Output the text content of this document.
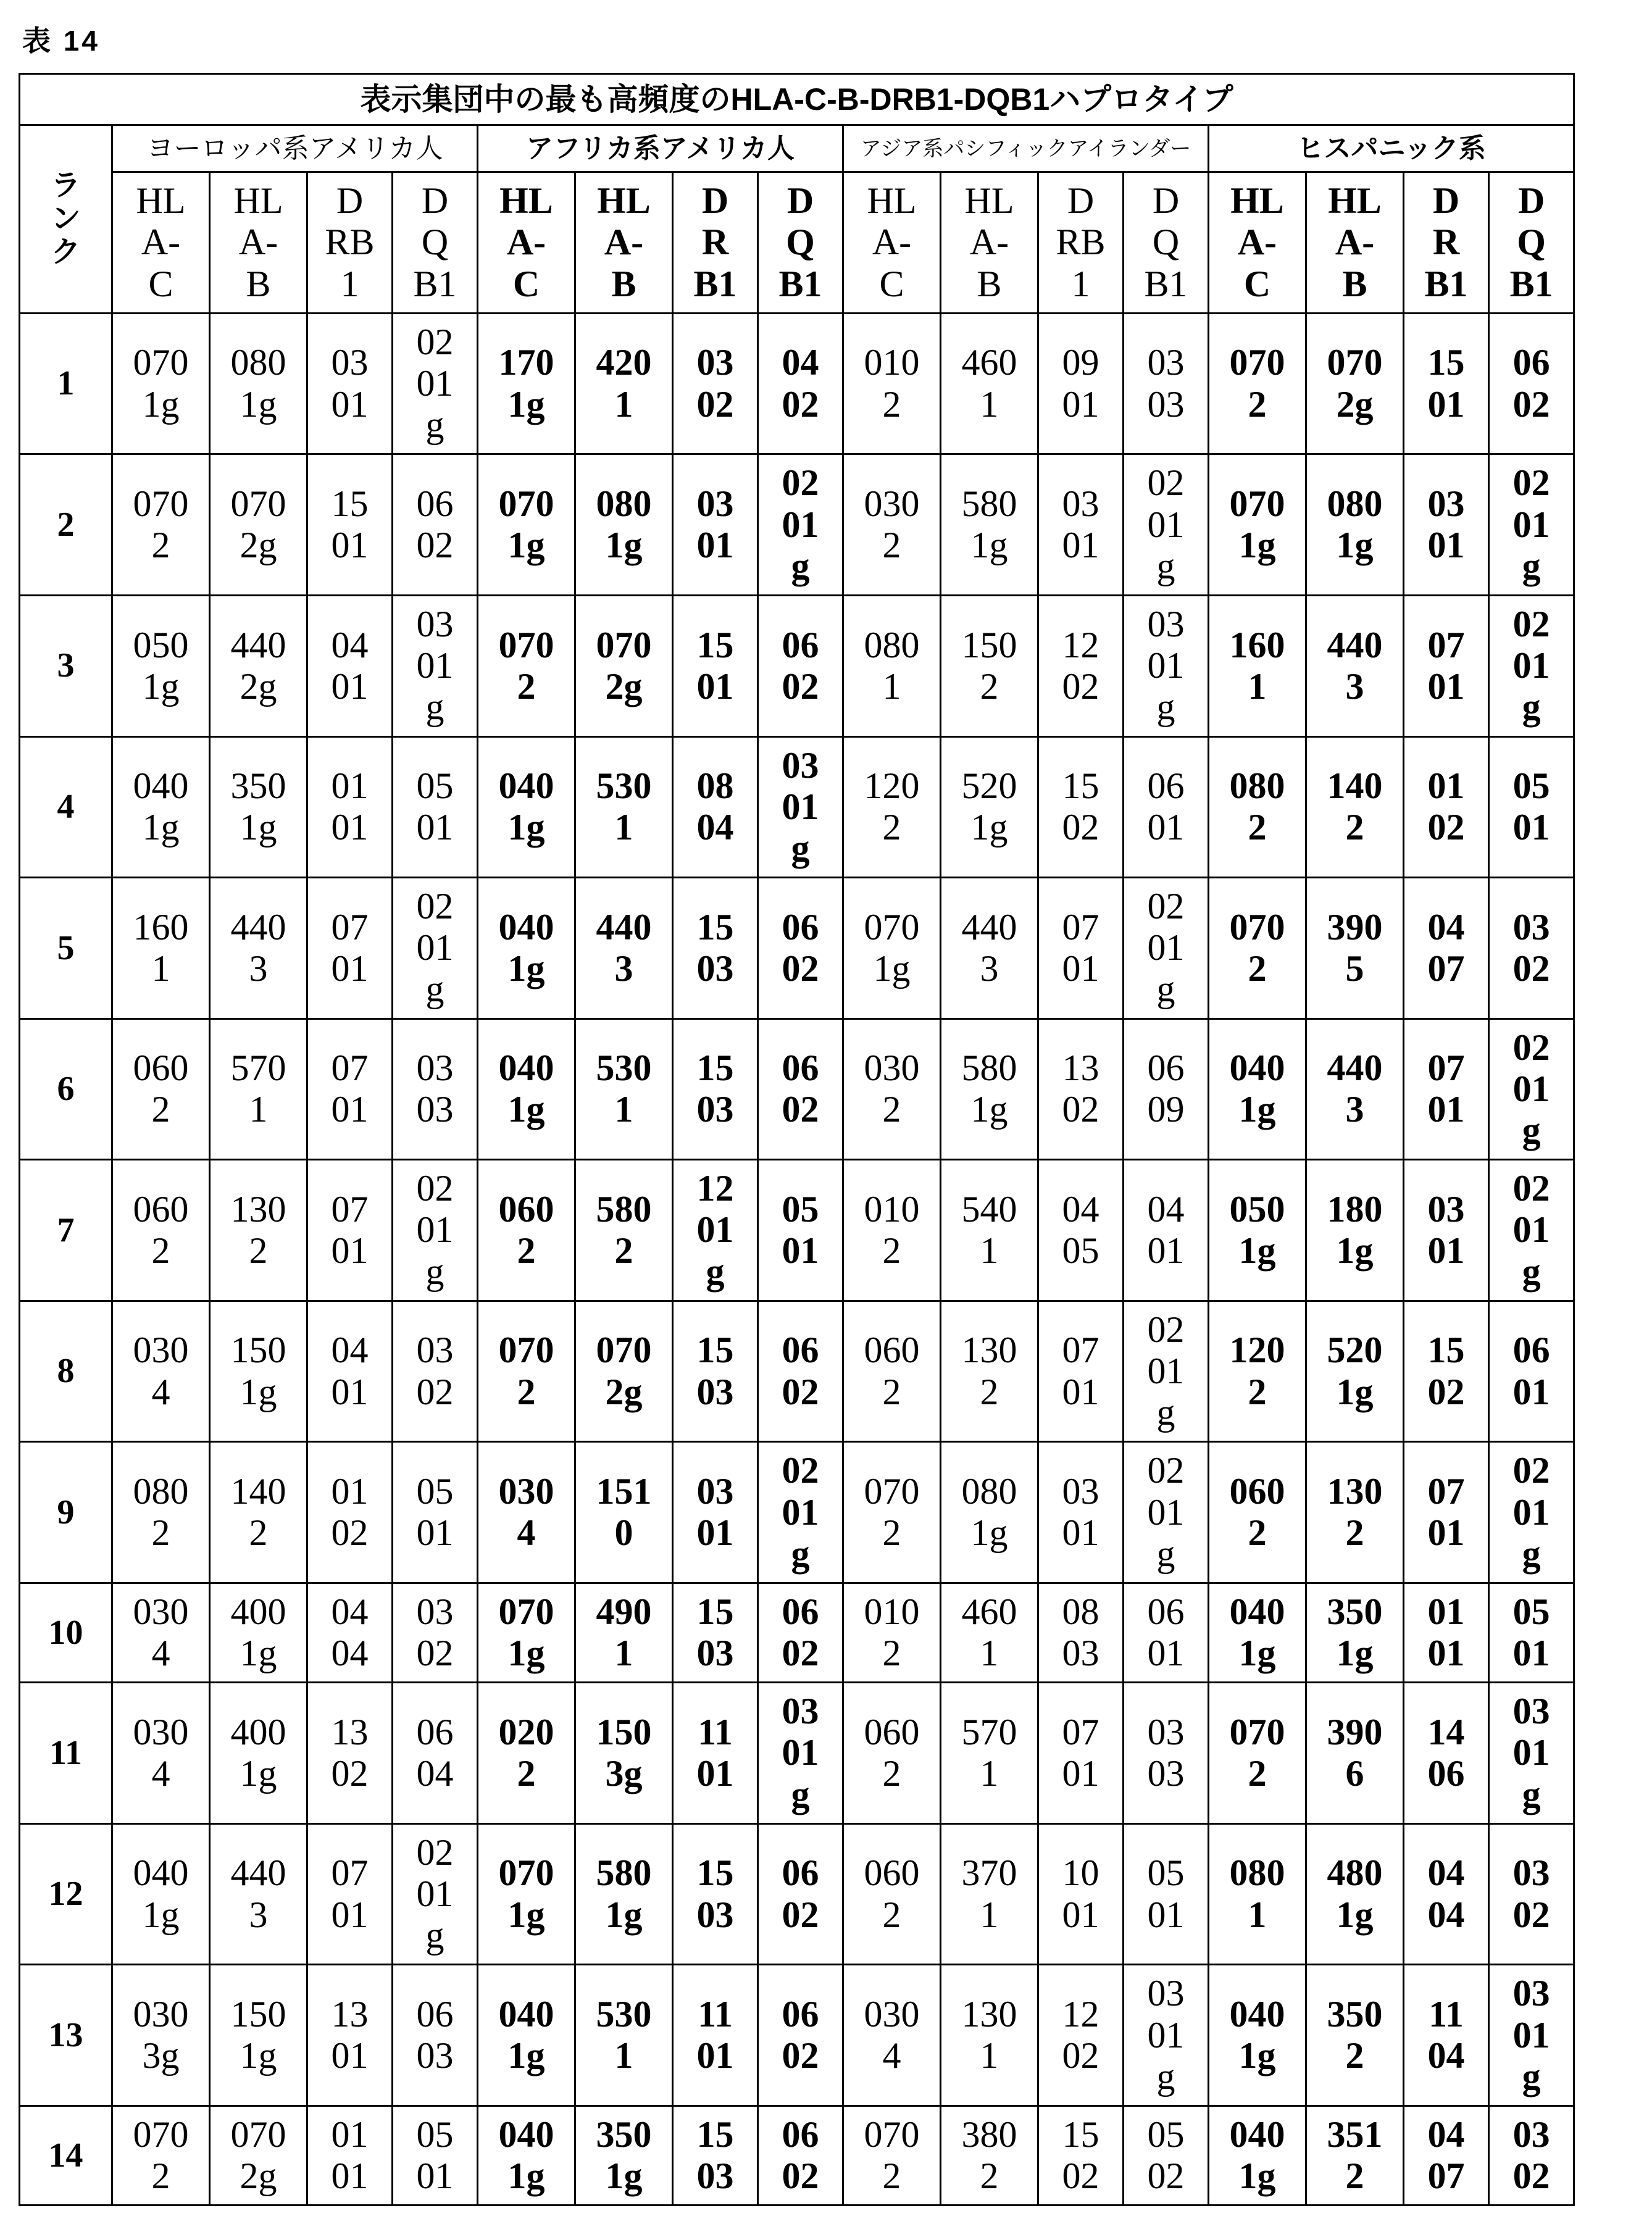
表 14
表示集団中の最も高頻度のHLA-C-B-DRB1-DQB1ハプロタイプ																
ランク	ヨーロッパ系アメリカ人				アフリカ系アメリカ人				アジア系パシフィックアイランダー				ヒスパニック系			
	HLA-C	HLA-B	DRB1	DQB1	HLA-C	HLA-B	DRB1	DQB1	HLA-C	HLA-B	DRB1	DQB1	HLA-C	HLA-B	DRB1	DQB1
1	0701g	0801g	0301	0201g	1701g	4201	0302	0402	0102	4601	0901	0303	0702	0702g	1501	0602
2	0702	0702g	1501	0602	0701g	0801g	0301	0201g	0302	5801g	0301	0201g	0701g	0801g	0301	0201g
3	0501g	4402g	0401	0301g	0702	0702g	1501	0602	0801	1502	1202	0301g	1601	4403	0701	0201g
4	0401g	3501g	0101	0501	0401g	5301	0804	0301g	1202	5201g	1502	0601	0802	1402	0102	0501
5	1601	4403	0701	0201g	0401g	4403	1503	0602	0701g	4403	0701	0201g	0702	3905	0407	0302
6	0602	5701	0701	0303	0401g	5301	1503	0602	0302	5801g	1302	0609	0401g	4403	0701	0201g
7	0602	1302	0701	0201g	0602	5802	1201g	0501	0102	5401	0405	0401	0501g	1801g	0301	0201g
8	0304	1501g	0401	0302	0702	0702g	1503	0602	0602	1302	0701	0201g	1202	5201g	1502	0601
9	0802	1402	0102	0501	0304	1510	0301	0201g	0702	0801g	0301	0201g	0602	1302	0701	0201g
10	0304	4001g	0404	0302	0701g	4901	1503	0602	0102	4601	0803	0601	0401g	3501g	0101	0501
11	0304	4001g	1302	0604	0202	1503g	1101	0301g	0602	5701	0701	0303	0702	3906	1406	0301g
12	0401g	4403	0701	0201g	0701g	5801g	1503	0602	0602	3701	1001	0501	0801	4801g	0404	0302
13	0303g	1501g	1301	0603	0401g	5301	1101	0602	0304	1301	1202	0301g	0401g	3502	1104	0301g
14	0702	0702g	0101	0501	0401g	3501g	1503	0602	0702	3802	1502	0502	0401g	3512	0407	0302
